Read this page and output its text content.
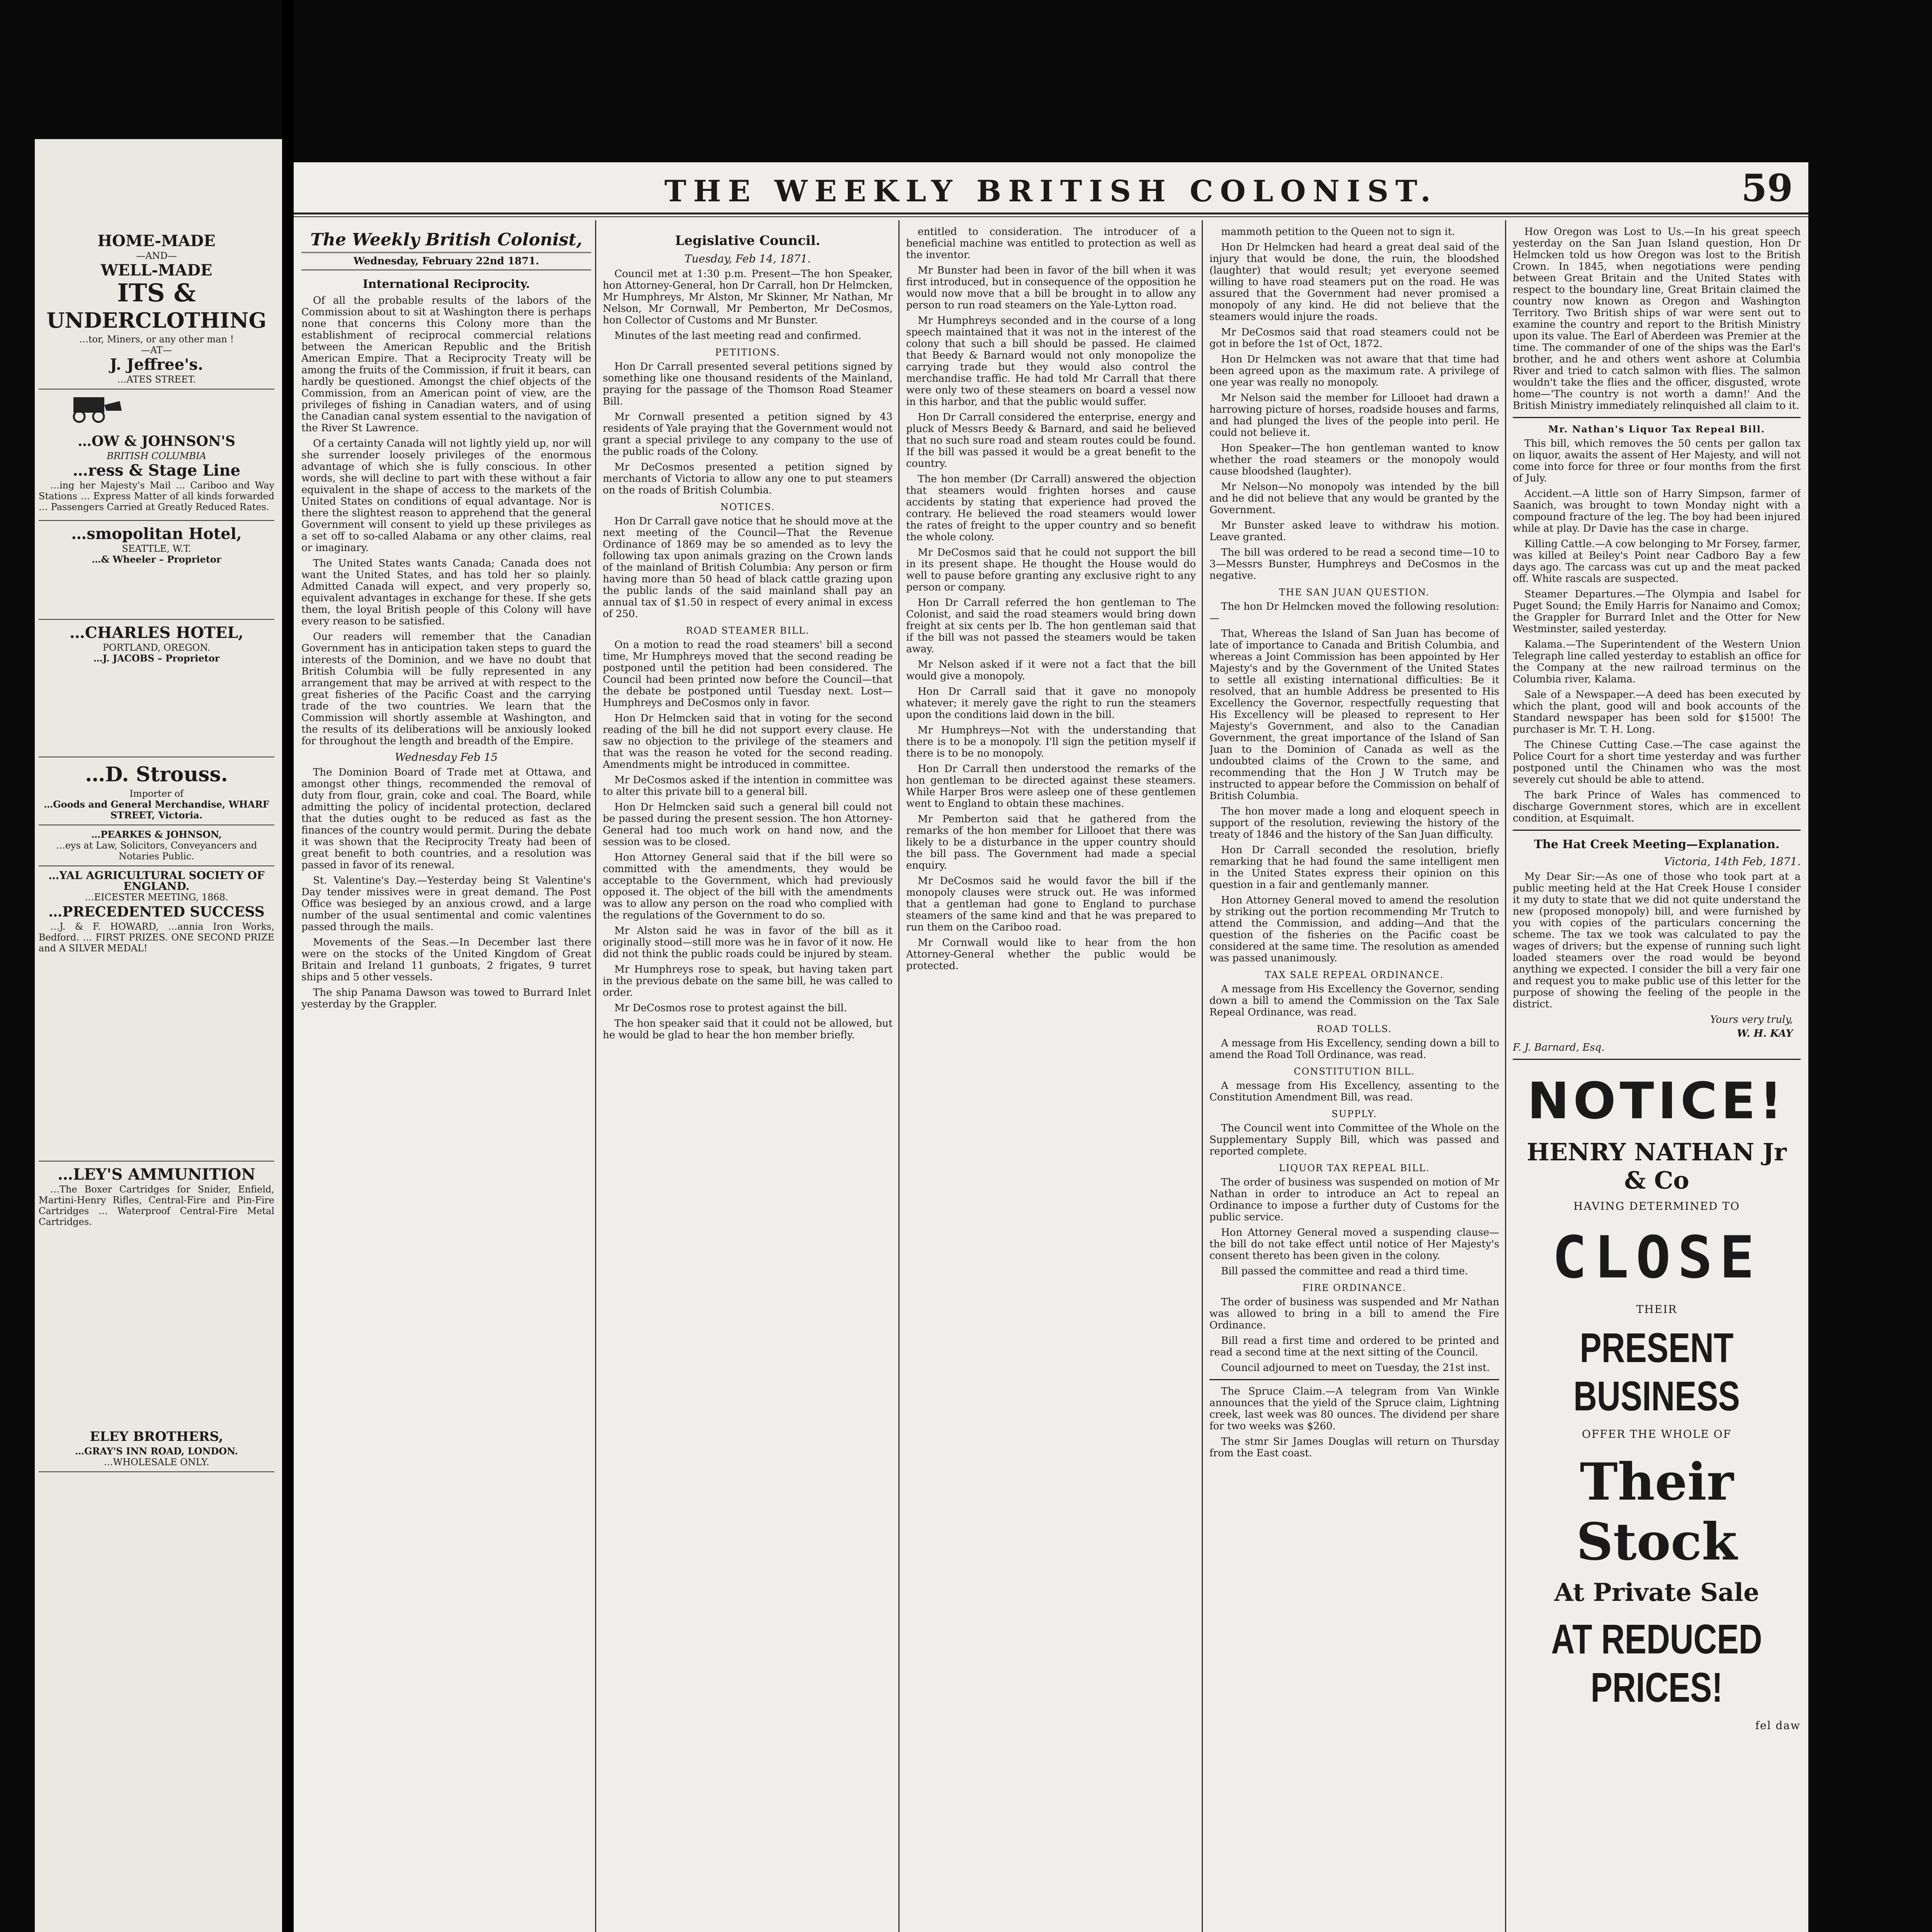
HOME-MADE
—AND—
WELL-MADE
ITS &
UNDERCLOTHING
…tor, Miners, or any other man !
—AT—
J. Jeffree's.
…ATES STREET.
…OW & JOHNSON'S
BRITISH COLUMBIA
…ress & Stage Line

…ing her Majesty's Mail … Cariboo and Way Stations … Express Matter of all kinds forwarded … Passengers Carried at Greatly Reduced Rates.

…smopolitan Hotel,
SEATTLE, W.T.
…& Wheeler – Proprietor

…CHARLES HOTEL,
PORTLAND, OREGON.
…J. JACOBS – Proprietor

…D. Strouss.
Importer of
…Goods and General Merchandise, WHARF STREET, Victoria.
…PEARKES & JOHNSON,
…eys at Law, Solicitors, Conveyancers and Notaries Public.
…YAL AGRICULTURAL SOCIETY OF ENGLAND.
…EICESTER MEETING, 1868.
…PRECEDENTED SUCCESS

…J. & F. HOWARD, …annia Iron Works, Bedford. … FIRST PRIZES. ONE SECOND PRIZE and A SILVER MEDAL!

…LEY'S AMMUNITION

…The Boxer Cartridges for Snider, Enfield, Martini-Henry Rifles, Central-Fire and Pin-Fire Cartridges … Waterproof Central-Fire Metal Cartridges.

ELEY BROTHERS,
…GRAY'S INN ROAD, LONDON.
…WHOLESALE ONLY.
THE WEEKLY BRITISH COLONIST.	59
The Weekly British Colonist,
Wednesday, February 22nd 1871.
International Reciprocity.

Of all the probable results of the labors of the Commission about to sit at Washington there is perhaps none that concerns this Colony more than the establishment of reciprocal commercial relations between the American Republic and the British American Empire. That a Reciprocity Treaty will be among the fruits of the Commission, if fruit it bears, can hardly be questioned. Amongst the chief objects of the Commission, from an American point of view, are the privileges of fishing in Canadian waters, and of using the Canadian canal system essential to the navigation of the River St Lawrence.

Of a certainty Canada will not lightly yield up, nor will she surrender loosely privileges of the enormous advantage of which she is fully conscious. In other words, she will decline to part with these without a fair equivalent in the shape of access to the markets of the United States on conditions of equal advantage. Nor is there the slightest reason to apprehend that the general Government will consent to yield up these privileges as a set off to so-called Alabama or any other claims, real or imaginary.

The United States wants Canada; Canada does not want the United States, and has told her so plainly. Admitted Canada will expect, and very properly so, equivalent advantages in exchange for these. If she gets them, the loyal British people of this Colony will have every reason to be satisfied.

Our readers will remember that the Canadian Government has in anticipation taken steps to guard the interests of the Dominion, and we have no doubt that British Columbia will be fully represented in any arrangement that may be arrived at with respect to the great fisheries of the Pacific Coast and the carrying trade of the two countries. We learn that the Commission will shortly assemble at Washington, and the results of its deliberations will be anxiously looked for throughout the length and breadth of the Empire.

Wednesday Feb 15

The Dominion Board of Trade met at Ottawa, and amongst other things, recommended the removal of duty from flour, grain, coke and coal. The Board, while admitting the policy of incidental protection, declared that the duties ought to be reduced as fast as the finances of the country would permit. During the debate it was shown that the Reciprocity Treaty had been of great benefit to both countries, and a resolution was passed in favor of its renewal.

St. Valentine's Day.—Yesterday being St Valentine's Day tender missives were in great demand. The Post Office was besieged by an anxious crowd, and a large number of the usual sentimental and comic valentines passed through the mails.

Movements of the Seas.—In December last there were on the stocks of the United Kingdom of Great Britain and Ireland 11 gunboats, 2 frigates, 9 turret ships and 5 other vessels.

The ship Panama Dawson was towed to Burrard Inlet yesterday by the Grappler.

Legislative Council.
Tuesday, Feb 14, 1871.

Council met at 1:30 p.m. Present—The hon Speaker, hon Attorney-General, hon Dr Carrall, hon Dr Helmcken, Mr Humphreys, Mr Alston, Mr Skinner, Mr Nathan, Mr Nelson, Mr Cornwall, Mr Pemberton, Mr DeCosmos, hon Collector of Customs and Mr Bunster.

Minutes of the last meeting read and confirmed.

PETITIONS.

Hon Dr Carrall presented several petitions signed by something like one thousand residents of the Mainland, praying for the passage of the Thomson Road Steamer Bill.

Mr Cornwall presented a petition signed by 43 residents of Yale praying that the Government would not grant a special privilege to any company to the use of the public roads of the Colony.

Mr DeCosmos presented a petition signed by merchants of Victoria to allow any one to put steamers on the roads of British Columbia.

NOTICES.

Hon Dr Carrall gave notice that he should move at the next meeting of the Council—That the Revenue Ordinance of 1869 may be so amended as to levy the following tax upon animals grazing on the Crown lands of the mainland of British Columbia: Any person or firm having more than 50 head of black cattle grazing upon the public lands of the said mainland shall pay an annual tax of $1.50 in respect of every animal in excess of 250.

ROAD STEAMER BILL.

On a motion to read the road steamers' bill a second time, Mr Humphreys moved that the second reading be postponed until the petition had been considered. The Council had been printed now before the Council—that the debate be postponed until Tuesday next. Lost—Humphreys and DeCosmos only in favor.

Hon Dr Helmcken said that in voting for the second reading of the bill he did not support every clause. He saw no objection to the privilege of the steamers and that was the reason he voted for the second reading. Amendments might be introduced in committee.

Mr DeCosmos asked if the intention in committee was to alter this private bill to a general bill.

Hon Dr Helmcken said such a general bill could not be passed during the present session. The hon Attorney-General had too much work on hand now, and the session was to be closed.

Hon Attorney General said that if the bill were so committed with the amendments, they would be acceptable to the Government, which had previously opposed it. The object of the bill with the amendments was to allow any person on the road who complied with the regulations of the Government to do so.

Mr Alston said he was in favor of the bill as it originally stood—still more was he in favor of it now. He did not think the public roads could be injured by steam.

Mr Humphreys rose to speak, but having taken part in the previous debate on the same bill, he was called to order.

Mr DeCosmos rose to protest against the bill.

The hon speaker said that it could not be allowed, but he would be glad to hear the hon member briefly.

entitled to consideration. The introducer of a beneficial machine was entitled to protection as well as the inventor.

Mr Bunster had been in favor of the bill when it was first introduced, but in consequence of the opposition he would now move that a bill be brought in to allow any person to run road steamers on the Yale-Lytton road.

Mr Humphreys seconded and in the course of a long speech maintained that it was not in the interest of the colony that such a bill should be passed. He claimed that Beedy & Barnard would not only monopolize the carrying trade but they would also control the merchandise traffic. He had told Mr Carrall that there were only two of these steamers on board a vessel now in this harbor, and that the public would suffer.

Hon Dr Carrall considered the enterprise, energy and pluck of Messrs Beedy & Barnard, and said he believed that no such sure road and steam routes could be found. If the bill was passed it would be a great benefit to the country.

The hon member (Dr Carrall) answered the objection that steamers would frighten horses and cause accidents by stating that experience had proved the contrary. He believed the road steamers would lower the rates of freight to the upper country and so benefit the whole colony.

Mr DeCosmos said that he could not support the bill in its present shape. He thought the House would do well to pause before granting any exclusive right to any person or company.

Hon Dr Carrall referred the hon gentleman to The Colonist, and said the road steamers would bring down freight at six cents per lb. The hon gentleman said that if the bill was not passed the steamers would be taken away.

Mr Nelson asked if it were not a fact that the bill would give a monopoly.

Hon Dr Carrall said that it gave no monopoly whatever; it merely gave the right to run the steamers upon the conditions laid down in the bill.

Mr Humphreys—Not with the understanding that there is to be a monopoly. I'll sign the petition myself if there is to be no monopoly.

Hon Dr Carrall then understood the remarks of the hon gentleman to be directed against these steamers. While Harper Bros were asleep one of these gentlemen went to England to obtain these machines.

Mr Pemberton said that he gathered from the remarks of the hon member for Lillooet that there was likely to be a disturbance in the upper country should the bill pass. The Government had made a special enquiry.

Mr DeCosmos said he would favor the bill if the monopoly clauses were struck out. He was informed that a gentleman had gone to England to purchase steamers of the same kind and that he was prepared to run them on the Cariboo road.

Mr Cornwall would like to hear from the hon Attorney-General whether the public would be protected.

mammoth petition to the Queen not to sign it.

Hon Dr Helmcken had heard a great deal said of the injury that would be done, the ruin, the bloodshed (laughter) that would result; yet everyone seemed willing to have road steamers put on the road. He was assured that the Government had never promised a monopoly of any kind. He did not believe that the steamers would injure the roads.

Mr DeCosmos said that road steamers could not be got in before the 1st of Oct, 1872.

Hon Dr Helmcken was not aware that that time had been agreed upon as the maximum rate. A privilege of one year was really no monopoly.

Mr Nelson said the member for Lillooet had drawn a harrowing picture of horses, roadside houses and farms, and had plunged the lives of the people into peril. He could not believe it.

Hon Speaker—The hon gentleman wanted to know whether the road steamers or the monopoly would cause bloodshed (laughter).

Mr Nelson—No monopoly was intended by the bill and he did not believe that any would be granted by the Government.

Mr Bunster asked leave to withdraw his motion. Leave granted.

The bill was ordered to be read a second time—10 to 3—Messrs Bunster, Humphreys and DeCosmos in the negative.

THE SAN JUAN QUESTION.

The hon Dr Helmcken moved the following resolution:—

That, Whereas the Island of San Juan has become of late of importance to Canada and British Columbia, and whereas a Joint Commission has been appointed by Her Majesty's and by the Government of the United States to settle all existing international difficulties: Be it resolved, that an humble Address be presented to His Excellency the Governor, respectfully requesting that His Excellency will be pleased to represent to Her Majesty's Government, and also to the Canadian Government, the great importance of the Island of San Juan to the Dominion of Canada as well as the undoubted claims of the Crown to the same, and recommending that the Hon J W Trutch may be instructed to appear before the Commission on behalf of British Columbia.

The hon mover made a long and eloquent speech in support of the resolution, reviewing the history of the treaty of 1846 and the history of the San Juan difficulty.

Hon Dr Carrall seconded the resolution, briefly remarking that he had found the same intelligent men in the United States express their opinion on this question in a fair and gentlemanly manner.

Hon Attorney General moved to amend the resolution by striking out the portion recommending Mr Trutch to attend the Commission, and adding—And that the question of the fisheries on the Pacific coast be considered at the same time. The resolution as amended was passed unanimously.

TAX SALE REPEAL ORDINANCE.

A message from His Excellency the Governor, sending down a bill to amend the Commission on the Tax Sale Repeal Ordinance, was read.

ROAD TOLLS.

A message from His Excellency, sending down a bill to amend the Road Toll Ordinance, was read.

CONSTITUTION BILL.

A message from His Excellency, assenting to the Constitution Amendment Bill, was read.

SUPPLY.

The Council went into Committee of the Whole on the Supplementary Supply Bill, which was passed and reported complete.

LIQUOR TAX REPEAL BILL.

The order of business was suspended on motion of Mr Nathan in order to introduce an Act to repeal an Ordinance to impose a further duty of Customs for the public service.

Hon Attorney General moved a suspending clause—the bill do not take effect until notice of Her Majesty's consent thereto has been given in the colony.

Bill passed the committee and read a third time.

FIRE ORDINANCE.

The order of business was suspended and Mr Nathan was allowed to bring in a bill to amend the Fire Ordinance.

Bill read a first time and ordered to be printed and read a second time at the next sitting of the Council.

Council adjourned to meet on Tuesday, the 21st inst.

The Spruce Claim.—A telegram from Van Winkle announces that the yield of the Spruce claim, Lightning creek, last week was 80 ounces. The dividend per share for two weeks was $260.

The stmr Sir James Douglas will return on Thursday from the East coast.

How Oregon was Lost to Us.—In his great speech yesterday on the San Juan Island question, Hon Dr Helmcken told us how Oregon was lost to the British Crown. In 1845, when negotiations were pending between Great Britain and the United States with respect to the boundary line, Great Britain claimed the country now known as Oregon and Washington Territory. Two British ships of war were sent out to examine the country and report to the British Ministry upon its value. The Earl of Aberdeen was Premier at the time. The commander of one of the ships was the Earl's brother, and he and others went ashore at Columbia River and tried to catch salmon with flies. The salmon wouldn't take the flies and the officer, disgusted, wrote home—'The country is not worth a damn!' And the British Ministry immediately relinquished all claim to it.

Mr. Nathan's Liquor Tax Repeal Bill.

This bill, which removes the 50 cents per gallon tax on liquor, awaits the assent of Her Majesty, and will not come into force for three or four months from the first of July.

Accident.—A little son of Harry Simpson, farmer of Saanich, was brought to town Monday night with a compound fracture of the leg. The boy had been injured while at play. Dr Davie has the case in charge.

Killing Cattle.—A cow belonging to Mr Forsey, farmer, was killed at Beiley's Point near Cadboro Bay a few days ago. The carcass was cut up and the meat packed off. White rascals are suspected.

Steamer Departures.—The Olympia and Isabel for Puget Sound; the Emily Harris for Nanaimo and Comox; the Grappler for Burrard Inlet and the Otter for New Westminster, sailed yesterday.

Kalama.—The Superintendent of the Western Union Telegraph line called yesterday to establish an office for the Company at the new railroad terminus on the Columbia river, Kalama.

Sale of a Newspaper.—A deed has been executed by which the plant, good will and book accounts of the Standard newspaper has been sold for $1500! The purchaser is Mr. T. H. Long.

The Chinese Cutting Case.—The case against the Police Court for a short time yesterday and was further postponed until the Chinamen who was the most severely cut should be able to attend.

The bark Prince of Wales has commenced to discharge Government stores, which are in excellent condition, at Esquimalt.

The Hat Creek Meeting—Explanation.
Victoria, 14th Feb, 1871.

My Dear Sir:—As one of those who took part at a public meeting held at the Hat Creek House I consider it my duty to state that we did not quite understand the new (proposed monopoly) bill, and were furnished by you with copies of the particulars concerning the scheme. The tax we took was calculated to pay the wages of drivers; but the expense of running such light loaded steamers over the road would be beyond anything we expected. I consider the bill a very fair one and request you to make public use of this letter for the purpose of showing the feeling of the people in the district.

Yours very truly,
W. H. KAY
F. J. Barnard, Esq.
NOTICE!
HENRY NATHAN Jr & Co
HAVING DETERMINED TO
CLOSE
THEIR
PRESENT BUSINESS
OFFER THE WHOLE OF
Their Stock
At Private Sale
AT REDUCED PRICES!
fel daw
